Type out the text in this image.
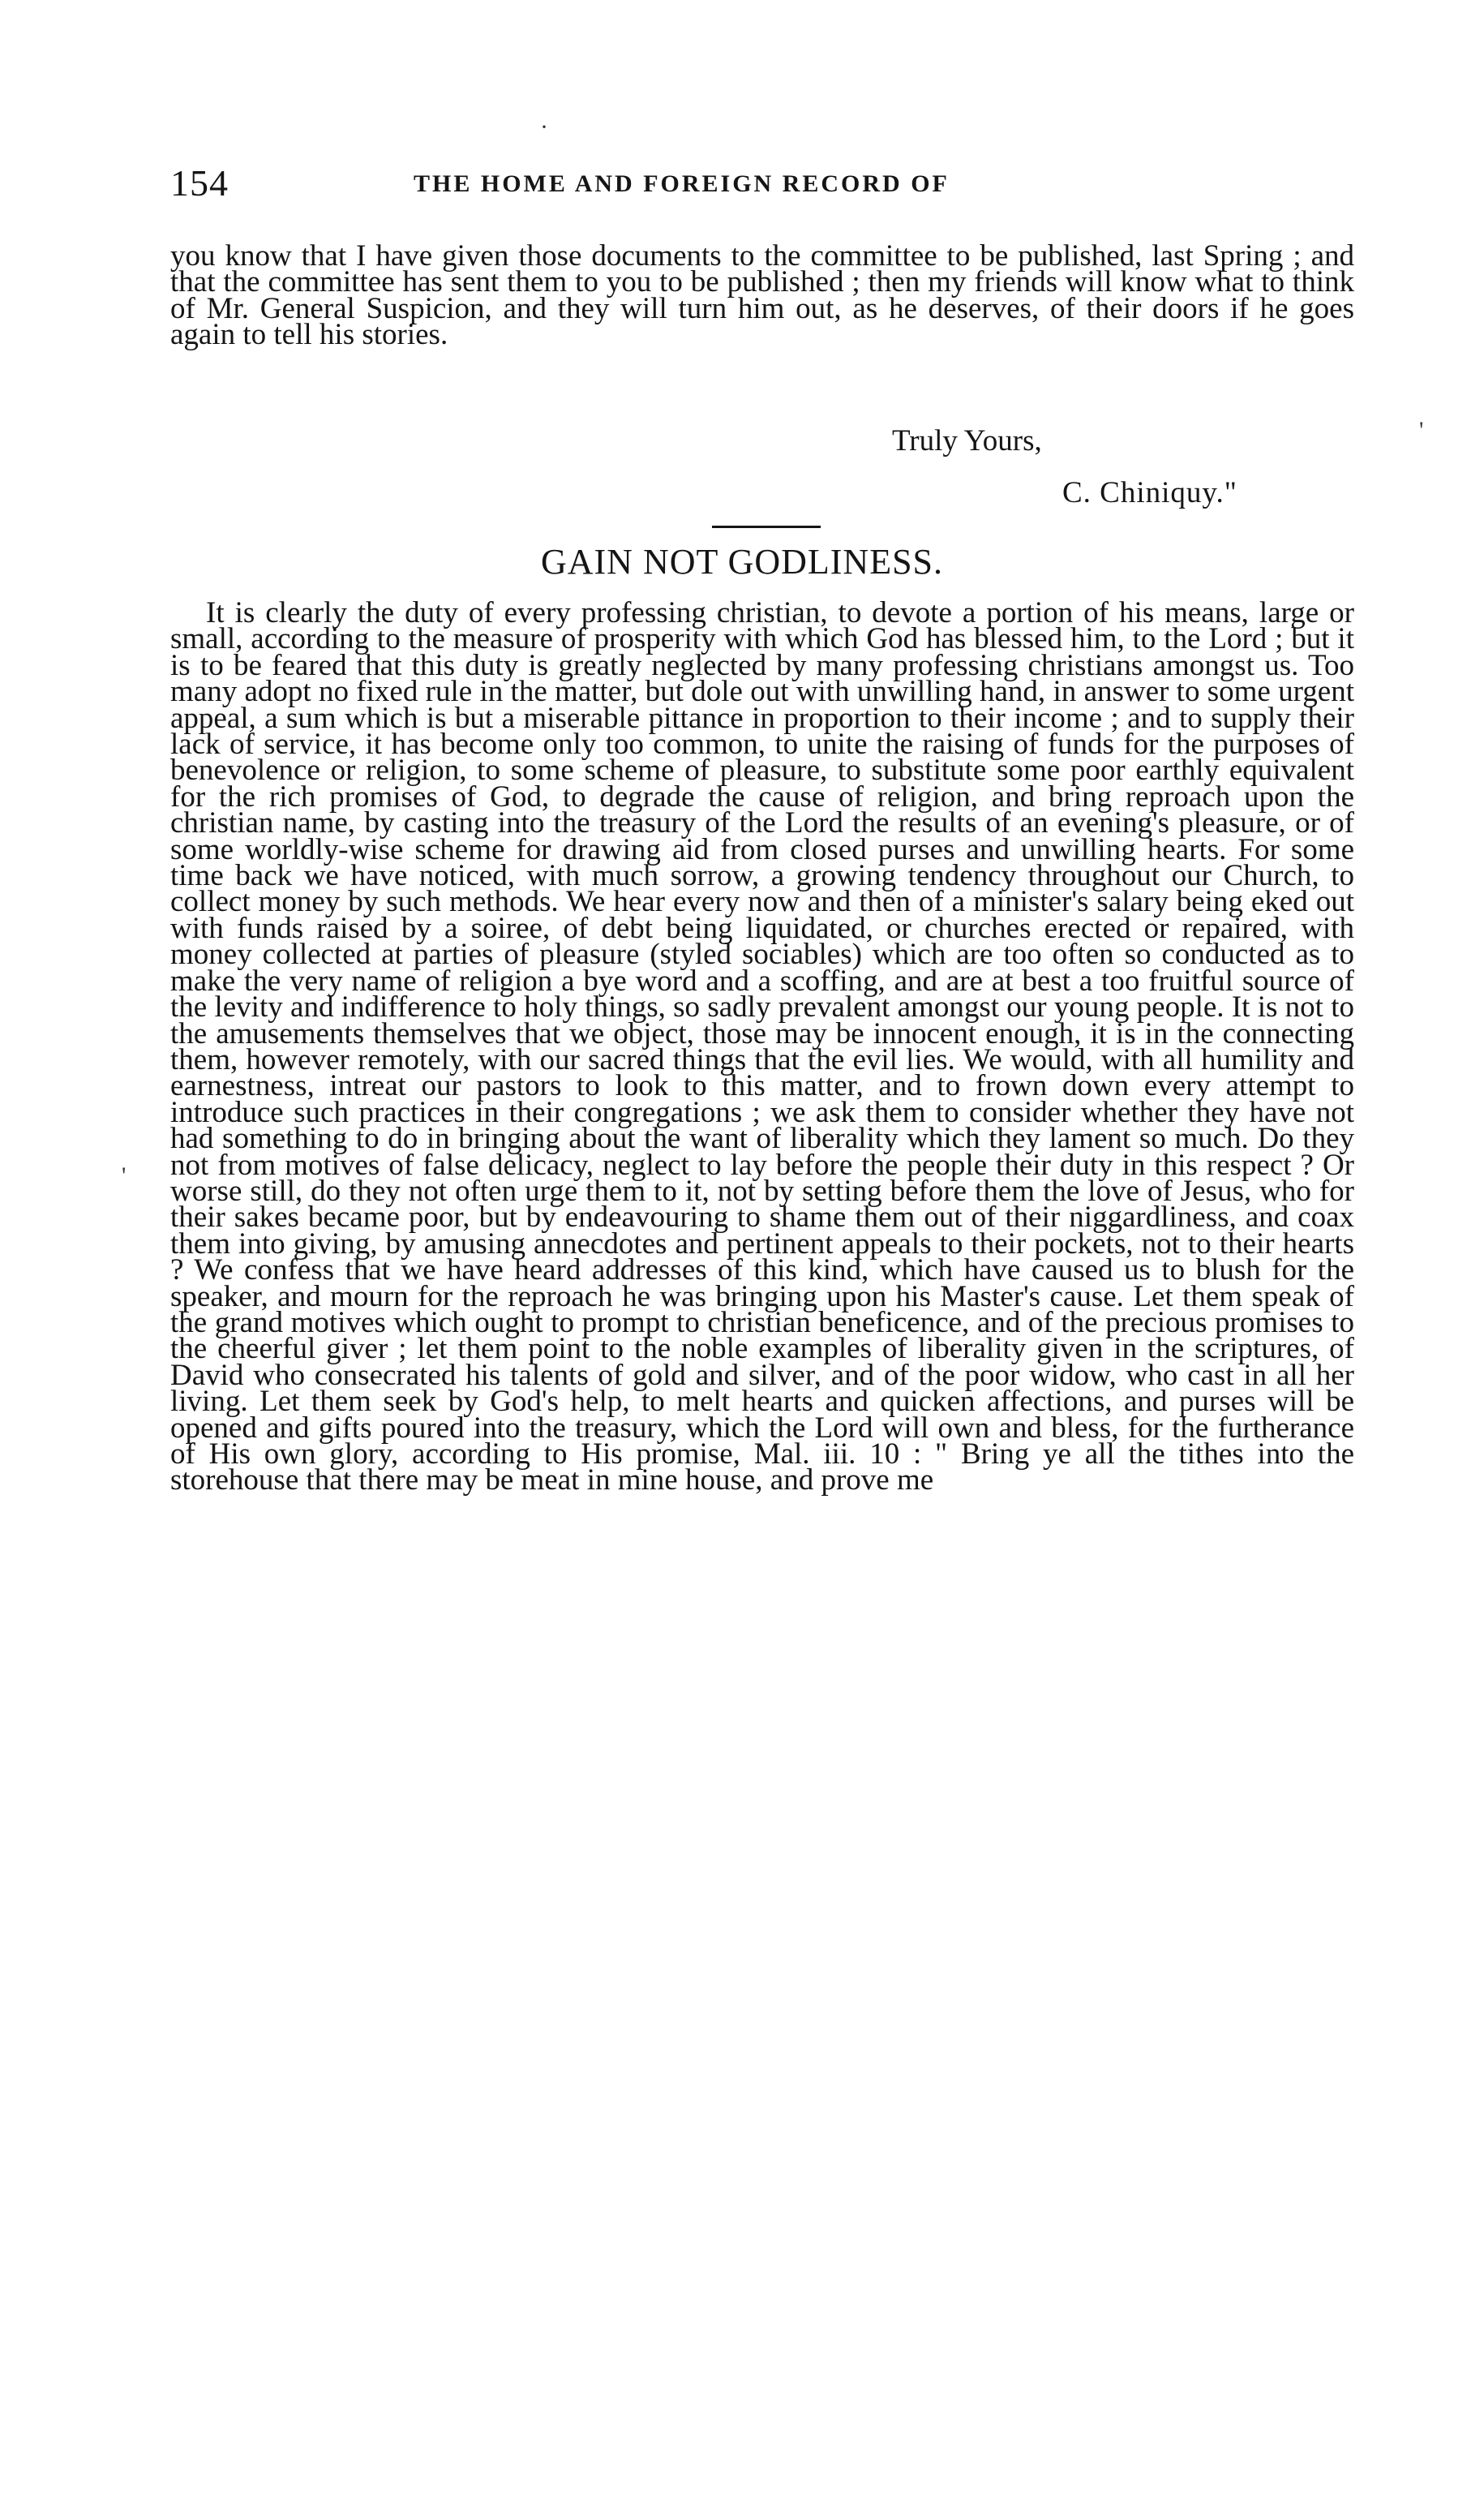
·
154	THE HOME AND FOREIGN RECORD OF

you know that I have given those documents to the committee to be published, last Spring ; and that the committee has sent them to you to be published ; then my friends will know what to think of Mr. General Suspicion, and they will turn him out, as he deserves, of their doors if he goes again to tell his stories.

'
Truly Yours,
C. Chiniquy."
GAIN NOT GODLINESS.
'

It is clearly the duty of every professing christian, to devote a portion of his means, large or small, according to the measure of prosperity with which God has blessed him, to the Lord ; but it is to be feared that this duty is greatly neglected by many professing christians amongst us. Too many adopt no fixed rule in the matter, but dole out with unwilling hand, in answer to some urgent appeal, a sum which is but a miserable pittance in proportion to their income ; and to supply their lack of service, it has become only too common, to unite the raising of funds for the purposes of benevolence or religion, to some scheme of pleasure, to substitute some poor earthly equivalent for the rich promises of God, to degrade the cause of religion, and bring reproach upon the christian name, by casting into the treasury of the Lord the results of an evening's pleasure, or of some worldly-wise scheme for drawing aid from closed purses and unwilling hearts. For some time back we have noticed, with much sorrow, a growing tendency throughout our Church, to collect money by such methods. We hear every now and then of a minister's salary being eked out with funds raised by a soiree, of debt being liquidated, or churches erected or repaired, with money collected at parties of pleasure (styled sociables) which are too often so conducted as to make the very name of religion a bye word and a scoffing, and are at best a too fruitful source of the levity and indifference to holy things, so sadly prevalent amongst our young people. It is not to the amusements themselves that we object, those may be innocent enough, it is in the connecting them, however remotely, with our sacred things that the evil lies. We would, with all humility and earnestness, intreat our pastors to look to this matter, and to frown down every attempt to introduce such practices in their congregations ; we ask them to consider whether they have not had something to do in bringing about the want of liberality which they lament so much. Do they not from motives of false delicacy, neglect to lay before the people their duty in this respect ? Or worse still, do they not often urge them to it, not by setting before them the love of Jesus, who for their sakes became poor, but by endeavouring to shame them out of their niggardliness, and coax them into giving, by amusing annecdotes and pertinent appeals to their pockets, not to their hearts ? We confess that we have heard addresses of this kind, which have caused us to blush for the speaker, and mourn for the reproach he was bringing upon his Master's cause. Let them speak of the grand motives which ought to prompt to christian beneficence, and of the precious promises to the cheerful giver ; let them point to the noble examples of liberality given in the scriptures, of David who consecrated his talents of gold and silver, and of the poor widow, who cast in all her living. Let them seek by God's help, to melt hearts and quicken affections, and purses will be opened and gifts poured into the treasury, which the Lord will own and bless, for the furtherance of His own glory, according to His promise, Mal. iii. 10 : " Bring ye all the tithes into the storehouse that there may be meat in mine house, and prove me
